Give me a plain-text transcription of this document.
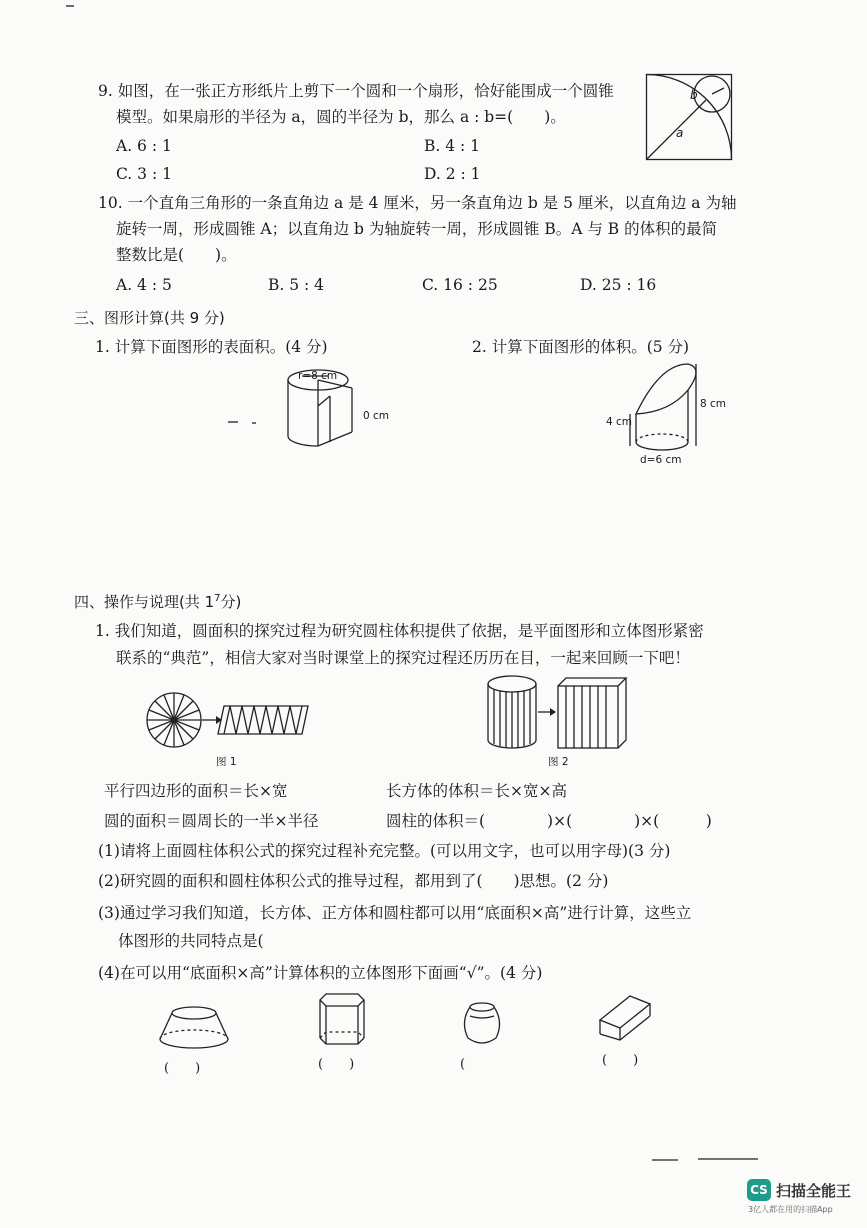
9. 如图，在一张正方形纸片上剪下一个圆和一个扇形，恰好能围成一个圆锥
模型。如果扇形的半径为 a，圆的半径为 b，那么 a : b=(　　)。
A. 6 : 1	B. 4 : 1
C. 3 : 1	D. 2 : 1
b
a
10. 一个直角三角形的一条直角边 a 是 4 厘米，另一条直角边 b 是 5 厘米，以直角边 a 为轴
旋转一周，形成圆锥 A；以直角边 b 为轴旋转一周，形成圆锥 B。A 与 B 的体积的最简
整数比是(　　)。
A. 4 : 5	B. 5 : 4	C. 16 : 25	D. 25 : 16
三、图形计算(共 9 分)
1. 计算下面图形的表面积。(4 分)	2. 计算下面图形的体积。(5 分)
r=8 cm
0 cm
8 cm
4 cm
d=6 cm
四、操作与说理(共 $1^7$分)
1. 我们知道，圆面积的探究过程为研究圆柱体积提供了依据，是平面图形和立体图形紧密
联系的“典范”，相信大家对当时课堂上的探究过程还历历在目，一起来回顾一下吧！
图 1	图 2
平行四边形的面积＝长×宽
圆的面积＝圆周长的一半×半径
长方体的体积＝长×宽×高
圆柱的体积＝(　　　　)×(　　　　)×(　　　)
(1)请将上面圆柱体积公式的探究过程补充完整。(可以用文字，也可以用字母)(3 分)
(2)研究圆的面积和圆柱体积公式的推导过程，都用到了(　　)思想。(2 分)
(3)通过学习我们知道，长方体、正方体和圆柱都可以用“底面积×高”进行计算，这些立
体图形的共同特点是(
(4)在可以用“底面积×高”计算体积的立体图形下面画“√”。(4 分)
(　　)	(　　)	(	(　　)
CS 扫描全能王
3亿人都在用的扫描App
